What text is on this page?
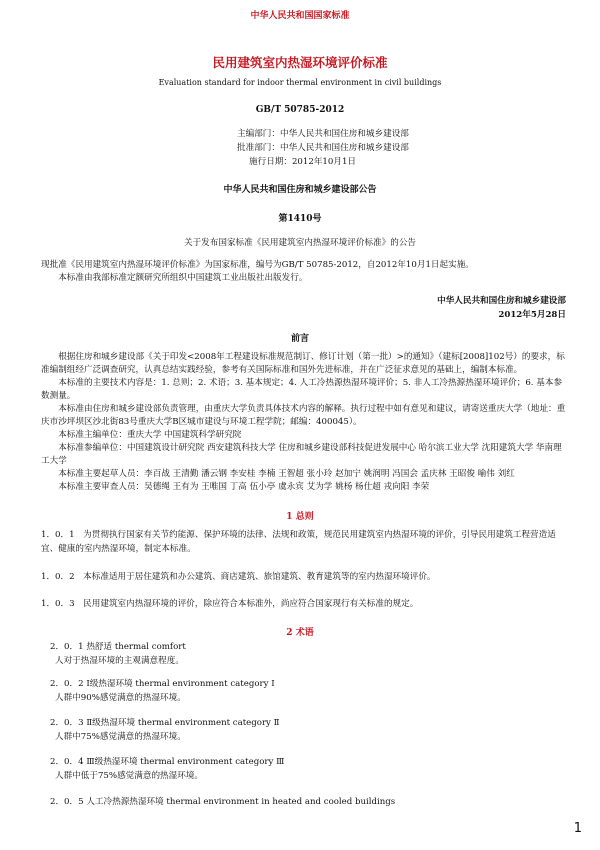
中华人民共和国国家标准
民用建筑室内热湿环境评价标准
Evaluation standard for indoor thermal environment in civil buildings
GB/T 50785-2012
主编部门：中华人民共和国住房和城乡建设部
批准部门：中华人民共和国住房和城乡建设部
施行日期：2012年10月1日
中华人民共和国住房和城乡建设部公告
第1410号
关于发布国家标准《民用建筑室内热湿环境评价标准》的公告

现批准《民用建筑室内热湿环境评价标准》为国家标准，编号为GB/T 50785-2012，自2012年10月1日起实施。

本标准由我部标准定额研究所组织中国建筑工业出版社出版发行。

中华人民共和国住房和城乡建设部
2012年5月28日
前言

根据住房和城乡建设部《关于印发<2008年工程建设标准规范制订、修订计划（第一批）>的通知》（建标[2008]102号）的要求，标准编制组经广泛调查研究，认真总结实践经验，参考有关国际标准和国外先进标准，并在广泛征求意见的基础上，编制本标准。

本标准的主要技术内容是：1. 总则；2. 术语；3. 基本规定；4. 人工冷热源热湿环境评价；5. 非人工冷热源热湿环境评价；6. 基本参数测量。

本标准由住房和城乡建设部负责管理，由重庆大学负责具体技术内容的解释。执行过程中如有意见和建议，请寄送重庆大学（地址：重庆市沙坪坝区沙北街83号重庆大学B区城市建设与环境工程学院；邮编：400045）。

本标准主编单位：重庆大学 中国建筑科学研究院

本标准参编单位：中国建筑设计研究院 西安建筑科技大学 住房和城乡建设部科技促进发展中心 哈尔滨工业大学 沈阳建筑大学 华南理工大学

本标准主要起草人员：李百战 王清勤 潘云钢 李安桂 李楠 王智超 张小玲 赵加宁 姚润明 冯国会 孟庆林 王昭俊 喻伟 刘红

本标准主要审查人员：吴德绳 王有为 王唯国 丁高 伍小亭 虞永宾 艾为学 姚杨 杨仕超 戎向阳 李荣

1 总则
1．0．1　为贯彻执行国家有关节约能源、保护环境的法律、法规和政策，规范民用建筑室内热湿环境的评价，引导民用建筑工程营造适宜、健康的室内热湿环境，制定本标准。
1．0．2　本标准适用于居住建筑和办公建筑、商店建筑、旅馆建筑、教育建筑等的室内热湿环境评价。
1．0．3　民用建筑室内热湿环境的评价，除应符合本标准外，尚应符合国家现行有关标准的规定。
2 术语
2．0．1 热舒适 thermal comfort
人对于热湿环境的主观满意程度。
2．0．2 Ⅰ级热湿环境 thermal environment category Ⅰ
人群中90%感觉满意的热湿环境。
2．0．3 Ⅱ级热湿环境 thermal environment category Ⅱ
人群中75%感觉满意的热湿环境。
2．0．4 Ⅲ级热湿环境 thermal environment category Ⅲ
人群中低于75%感觉满意的热湿环境。
2．0．5 人工冷热源热湿环境 thermal environment in heated and cooled buildings
1
